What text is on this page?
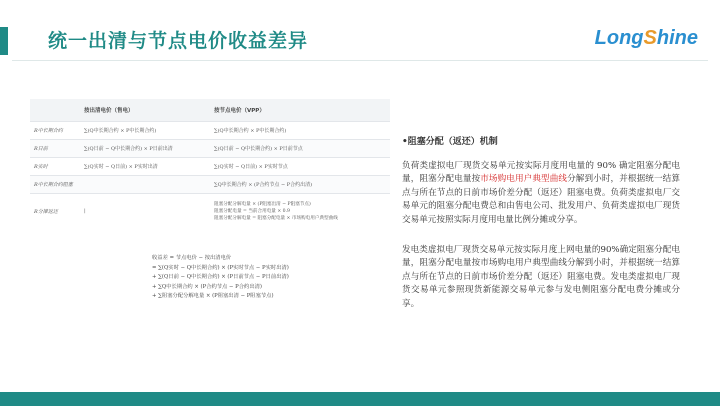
统一出清与节点电价收益差异	LongShine
	按出清电价（售电）	按节点电价（VPP）
R中长期合约	∑(Q中长期合约 × P中长期合约)	∑(Q中长期合约 × P中长期合约)
R日前	∑(Q日前 − Q中长期合约) × P日前出清	∑(Q日前 − Q中长期合约) × P日前节点
R实时	∑(Q实时 − Q日前) × P实时出清	∑(Q实时 − Q日前) × P实时节点
R中长期合约阻塞		∑Q中长期合约 × (P合约节点 − P合约出清)
R分摊返还	|	阻塞分配分解电量 × (P阻塞出清 − P阻塞节点)
阻塞分配电量 = 当前合用电量 × 0.9
阻塞分配分解电量 = 阻塞分配电量 × 市场购电用户典型曲线
收益差 = 节点电价 − 按出清电价
= ∑(Q实时 − Q中长期合约) × (P实时节点 − P实时出清)
+ ∑(Q日前 − Q中长期合约) × (P日前节点 − P日前出清)
+ ∑Q中长期合约 × (P合约节点 − P合约出清)
+ ∑阻塞分配分解电量 × (P阻塞出清 − P阻塞节点)
•阻塞分配（返还）机制

负荷类虚拟电厂现货交易单元按实际月度用电量的 90% 确定阻塞分配电量，阻塞分配电量按市场购电用户典型曲线分解到小时，并根据统一结算点与所在节点的日前市场价差分配（返还）阻塞电费。负荷类虚拟电厂交易单元的阻塞分配电费总和由售电公司、批发用户、负荷类虚拟电厂现货交易单元按照实际月度用电量比例分摊或分享。

发电类虚拟电厂现货交易单元按实际月度上网电量的90%确定阻塞分配电量，阻塞分配电量按市场购电用户典型曲线分解到小时，并根据统一结算点与所在节点的日前市场价差分配（返还）阻塞电费。发电类虚拟电厂现货交易单元参照现货新能源交易单元参与发电侧阻塞分配电费分摊或分享。
